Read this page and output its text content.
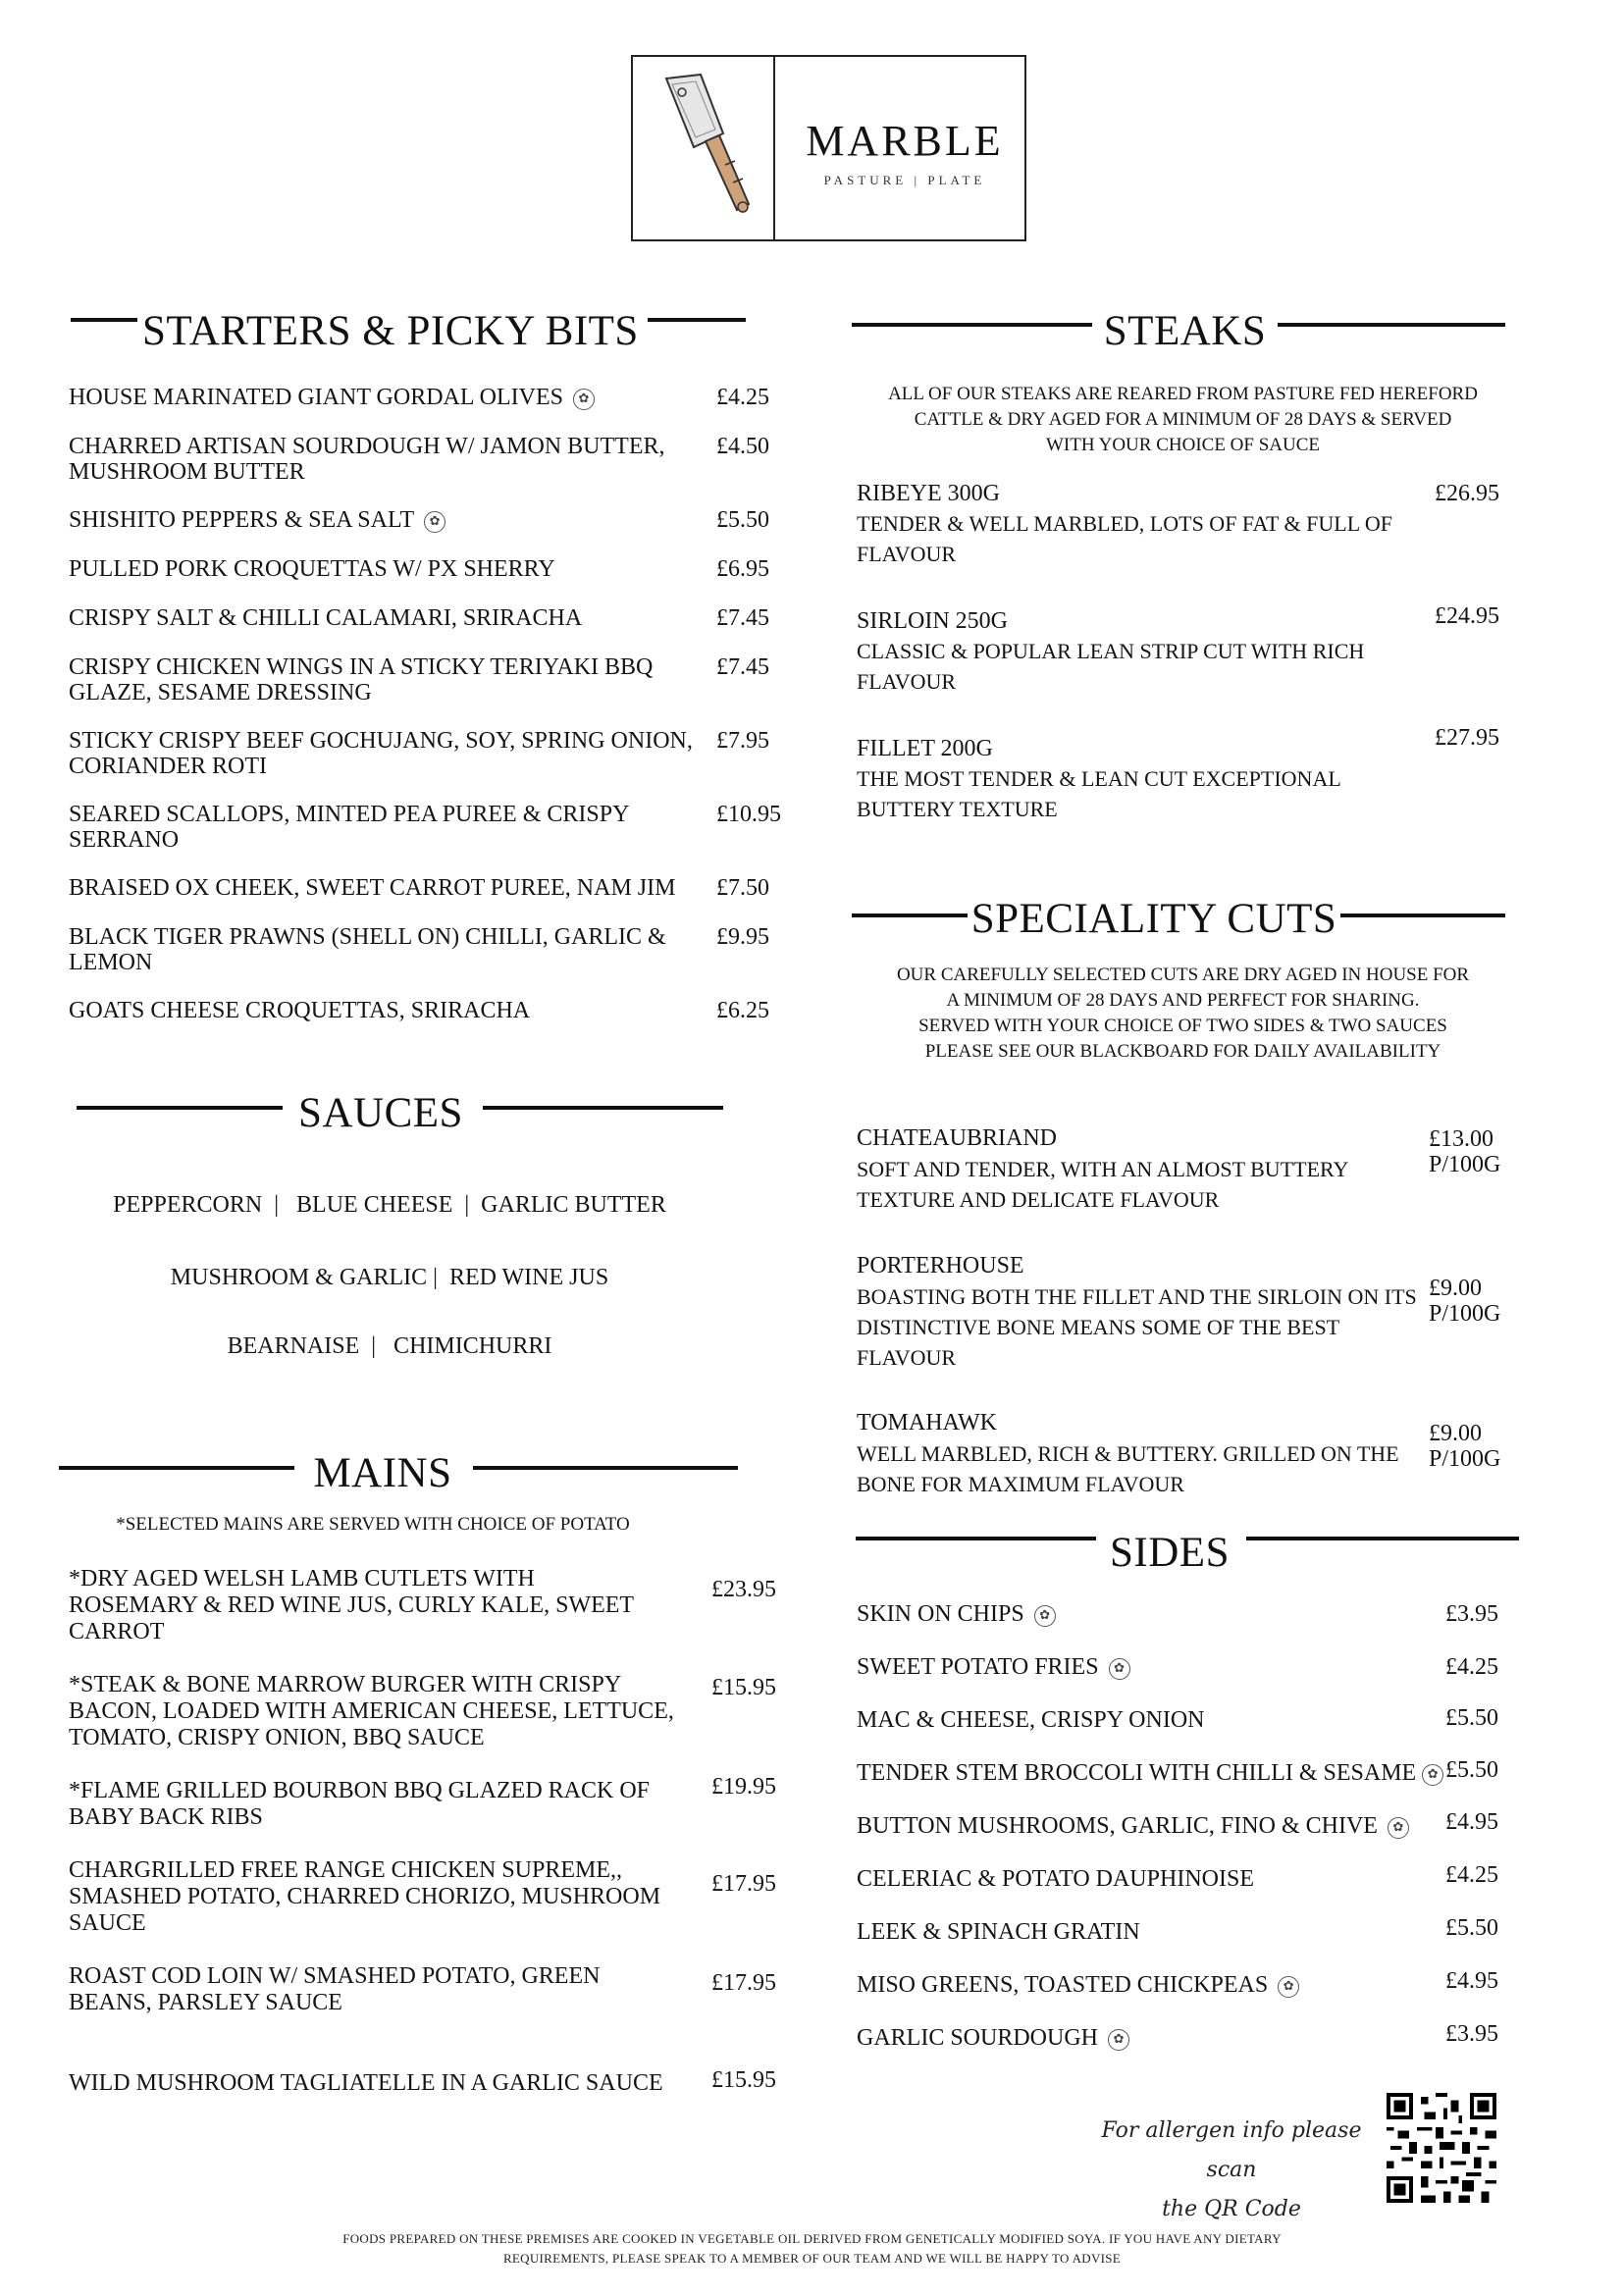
MARBLE
PASTURE | PLATE
STARTERS & PICKY BITS
HOUSE MARINATED GIANT GORDAL OLIVES ✿	£4.25
CHARRED ARTISAN SOURDOUGH W/ JAMON BUTTER, MUSHROOM BUTTER
£4.50
SHISHITO PEPPERS & SEA SALT ✿	£5.50
PULLED PORK CROQUETTAS W/ PX SHERRY	£6.95
CRISPY SALT & CHILLI CALAMARI, SRIRACHA	£7.45
CRISPY CHICKEN WINGS IN A STICKY TERIYAKI BBQ GLAZE, SESAME DRESSING
£7.45
STICKY CRISPY BEEF GOCHUJANG, SOY, SPRING ONION, CORIANDER ROTI
£7.95
SEARED SCALLOPS, MINTED PEA PUREE & CRISPY SERRANO
£10.95
BRAISED OX CHEEK, SWEET CARROT PUREE, NAM JIM	£7.50
BLACK TIGER PRAWNS (SHELL ON) CHILLI, GARLIC & LEMON
£9.95
GOATS CHEESE CROQUETTAS, SRIRACHA	£6.25
SAUCES
PEPPERCORN  |   BLUE CHEESE  |  GARLIC BUTTER
MUSHROOM & GARLIC |  RED WINE JUS
BEARNAISE  |   CHIMICHURRI
MAINS
*SELECTED MAINS ARE SERVED WITH CHOICE OF POTATO
*DRY AGED WELSH LAMB CUTLETS WITH ROSEMARY & RED WINE JUS, CURLY KALE, SWEET CARROT
£23.95
*STEAK & BONE MARROW BURGER WITH CRISPY BACON, LOADED WITH AMERICAN CHEESE, LETTUCE, TOMATO, CRISPY ONION, BBQ SAUCE
£15.95
*FLAME GRILLED BOURBON BBQ GLAZED RACK OF BABY BACK RIBS
£19.95
CHARGRILLED FREE RANGE CHICKEN SUPREME,, SMASHED POTATO, CHARRED CHORIZO, MUSHROOM SAUCE
£17.95
ROAST COD LOIN W/ SMASHED POTATO, GREEN BEANS, PARSLEY SAUCE
£17.95
WILD MUSHROOM TAGLIATELLE IN A GARLIC SAUCE	£15.95
STEAKS
ALL OF OUR STEAKS ARE REARED FROM PASTURE FED HEREFORD
CATTLE & DRY AGED FOR A MINIMUM OF 28 DAYS & SERVED
WITH YOUR CHOICE OF SAUCE
RIBEYE 300G
TENDER & WELL MARBLED, LOTS OF FAT & FULL OF FLAVOUR
£26.95
SIRLOIN 250G
CLASSIC & POPULAR LEAN STRIP CUT WITH RICH FLAVOUR
£24.95
FILLET 200G
THE MOST TENDER & LEAN CUT EXCEPTIONAL BUTTERY TEXTURE
£27.95
SPECIALITY CUTS
OUR CAREFULLY SELECTED CUTS ARE DRY AGED IN HOUSE FOR
A MINIMUM OF 28 DAYS AND PERFECT FOR SHARING.
SERVED WITH YOUR CHOICE OF TWO SIDES & TWO SAUCES
PLEASE SEE OUR BLACKBOARD FOR DAILY AVAILABILITY
CHATEAUBRIAND
SOFT AND TENDER, WITH AN ALMOST BUTTERY TEXTURE AND DELICATE FLAVOUR
£13.00
P/100G
PORTERHOUSE
BOASTING BOTH THE FILLET AND THE SIRLOIN ON ITS DISTINCTIVE BONE MEANS SOME OF THE BEST FLAVOUR
£9.00
P/100G
TOMAHAWK
WELL MARBLED, RICH & BUTTERY. GRILLED ON THE BONE FOR MAXIMUM FLAVOUR
£9.00
P/100G
SIDES
SKIN ON CHIPS ✿	£3.95
SWEET POTATO FRIES ✿	£4.25
MAC & CHEESE, CRISPY ONION	£5.50
TENDER STEM BROCCOLI WITH CHILLI & SESAME ✿ £5.50
BUTTON MUSHROOMS, GARLIC, FINO & CHIVE ✿ £4.95
CELERIAC & POTATO DAUPHINOISE	£4.25
LEEK & SPINACH GRATIN	£5.50
MISO GREENS, TOASTED CHICKPEAS ✿	£4.95
GARLIC SOURDOUGH ✿	£3.95
For allergen info please scan
the QR Code
FOODS PREPARED ON THESE PREMISES ARE COOKED IN VEGETABLE OIL DERIVED FROM GENETICALLY MODIFIED SOYA. IF YOU HAVE ANY DIETARY
REQUIREMENTS, PLEASE SPEAK TO A MEMBER OF OUR TEAM AND WE WILL BE HAPPY TO ADVISE
